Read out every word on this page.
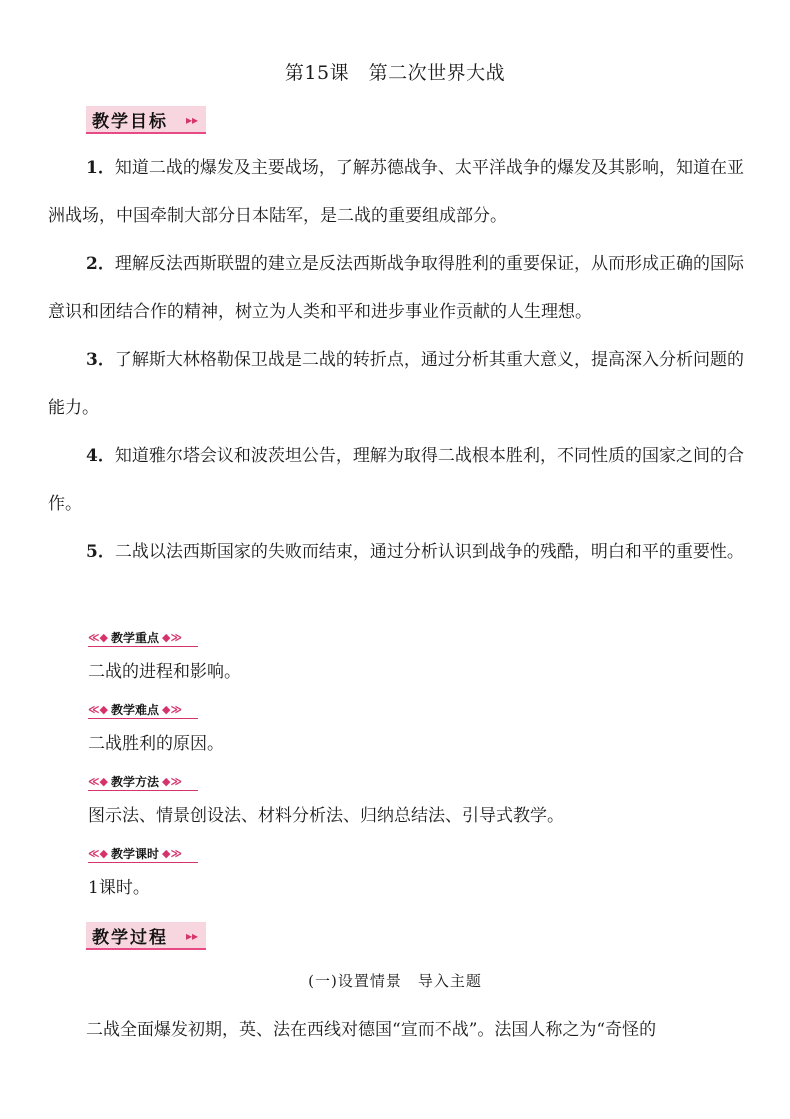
第15课　第二次世界大战
教学目标 ▸▸
1．知道二战的爆发及主要战场，了解苏德战争、太平洋战争的爆发及其影响，知道在亚洲战场，中国牵制大部分日本陆军，是二战的重要组成部分。
2．理解反法西斯联盟的建立是反法西斯战争取得胜利的重要保证，从而形成正确的国际意识和团结合作的精神，树立为人类和平和进步事业作贡献的人生理想。
3．了解斯大林格勒保卫战是二战的转折点，通过分析其重大意义，提高深入分析问题的能力。
4．知道雅尔塔会议和波茨坦公告，理解为取得二战根本胜利，不同性质的国家之间的合作。
5．二战以法西斯国家的失败而结束，通过分析认识到战争的残酷，明白和平的重要性。
≪◆ 教学重点 ◆≫
二战的进程和影响。
≪◆ 教学难点 ◆≫
二战胜利的原因。
≪◆ 教学方法 ◆≫
图示法、情景创设法、材料分析法、归纳总结法、引导式教学。
≪◆ 教学课时 ◆≫
1课时。
教学过程 ▸▸
(一)设置情景　导入主题
二战全面爆发初期，英、法在西线对德国“宣而不战”。法国人称之为“奇怪的
